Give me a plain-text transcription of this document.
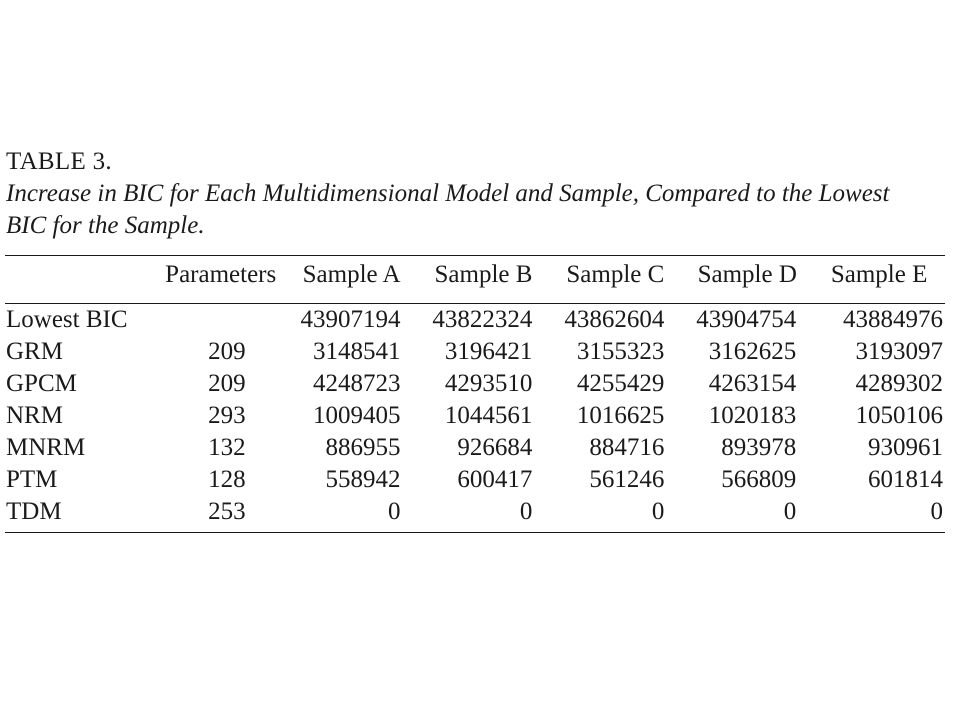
TABLE 3.

Increase in BIC for Each Multidimensional Model and Sample, Compared to the Lowest

BIC for the Sample.

	Parameters	Sample A	Sample B	Sample C	Sample D	Sample E

Lowest BIC		43907194	43822324	43862604	43904754	43884976
GRM	209	3148541	3196421	3155323	3162625	3193097
GPCM	209	4248723	4293510	4255429	4263154	4289302
NRM	293	1009405	1044561	1016625	1020183	1050106
MNRM	132	886955	926684	884716	893978	930961
PTM	128	558942	600417	561246	566809	601814
TDM	253	0	0	0	0	0
